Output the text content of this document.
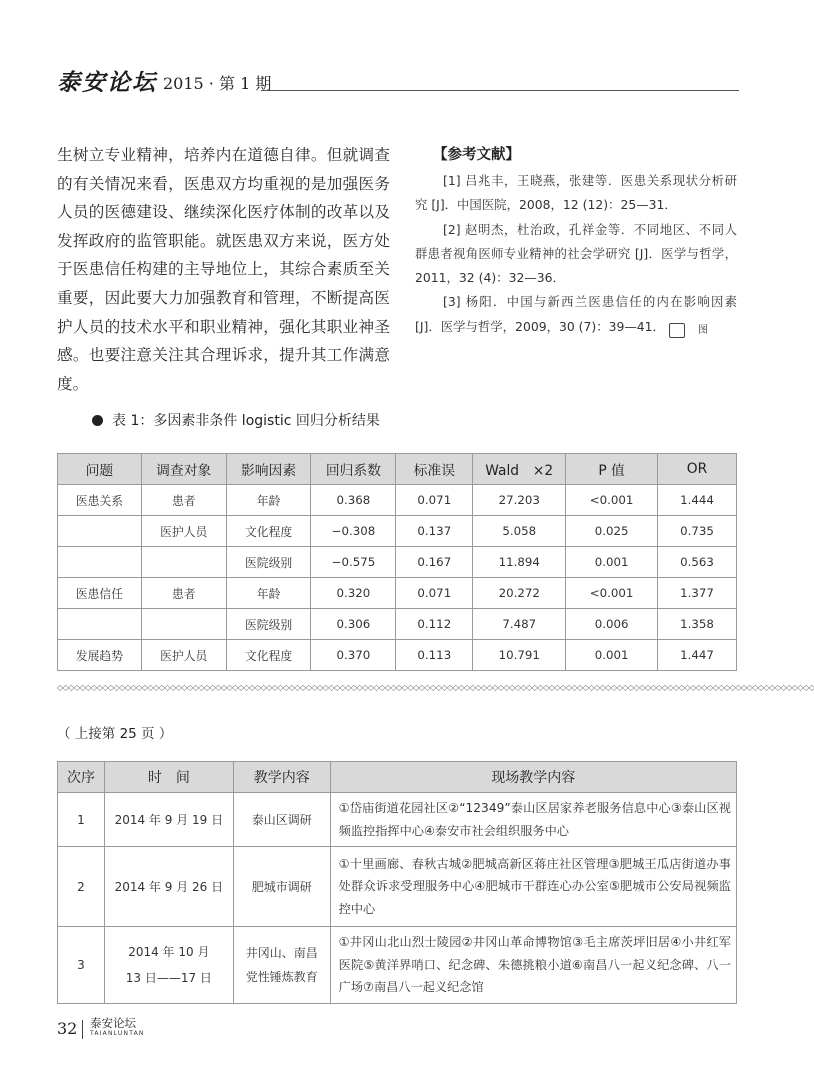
泰安论坛 2015 · 第 1 期

生树立专业精神，培养内在道德自律。但就调查的有关情况来看，医患双方均重视的是加强医务人员的医德建设、继续深化医疗体制的改革以及发挥政府的监管职能。就医患双方来说，医方处于医患信任构建的主导地位上，其综合素质至关重要，因此要大力加强教育和管理，不断提高医护人员的技术水平和职业精神，强化其职业神圣感。也要注意关注其合理诉求，提升其工作满意度。

【参考文献】

[1] 吕兆丰，王晓燕，张建等．医患关系现状分析研究 [J]．中国医院，2008，12 (12)：25—31．

[2] 赵明杰，杜治政，孔祥金等．不同地区、不同人群患者视角医师专业精神的社会学研究 [J]．医学与哲学，2011，32 (4)：32—36．

[3] 杨阳．中国与新西兰医患信任的内在影响因素 [J]．医学与哲学，2009，30 (7)：39—41．	图

表 1：多因素非条件 logistic 回归分析结果
问题	调查对象	影响因素	回归系数	标准误	Wald　×2	P 值	OR
医患关系	患者	年龄	0.368	0.071	27.203	<0.001	1.444
	医护人员	文化程度	−0.308	0.137	5.058	0.025	0.735
		医院级别	−0.575	0.167	11.894	0.001	0.563
医患信任	患者	年龄	0.320	0.071	20.272	<0.001	1.377
		医院级别	0.306	0.112	7.487	0.006	1.358
发展趋势	医护人员	文化程度	0.370	0.113	10.791	0.001	1.447
◇◇◇◇◇◇◇◇◇◇◇◇◇◇◇◇◇◇◇◇◇◇◇◇◇◇◇◇◇◇◇◇◇◇◇◇◇◇◇◇◇◇◇◇◇◇◇◇◇◇◇◇◇◇◇◇◇◇◇◇◇◇◇◇◇◇◇◇◇◇◇◇◇◇◇◇◇◇◇◇◇◇◇◇◇◇◇◇◇◇◇◇◇◇◇◇◇◇◇◇◇◇◇◇◇◇◇◇◇◇◇◇◇◇◇◇◇◇◇◇◇◇◇◇◇◇◇◇◇◇◇◇◇◇
（ 上接第 25 页 ）
次序	时　间	教学内容	现场教学内容
1	2014 年 9 月 19 日	泰山区调研	①岱庙街道花园社区②“12349”泰山区居家养老服务信息中心③泰山区视频监控指挥中心④泰安市社会组织服务中心
2	2014 年 9 月 26 日	肥城市调研	①十里画廊、春秋古城②肥城高新区蒋庄社区管理③肥城王瓜店街道办事处群众诉求受理服务中心④肥城市干群连心办公室⑤肥城市公安局视频监控中心
3	2014 年 10 月 13 日——17 日	井冈山、南昌党性锤炼教育	①井冈山北山烈士陵园②井冈山革命博物馆③毛主席茨坪旧居④小井红军医院⑤黄洋界哨口、纪念碑、朱德挑粮小道⑥南昌八一起义纪念碑、八一广场⑦南昌八一起义纪念馆
32 泰安论坛
TAIANLUNTAN
